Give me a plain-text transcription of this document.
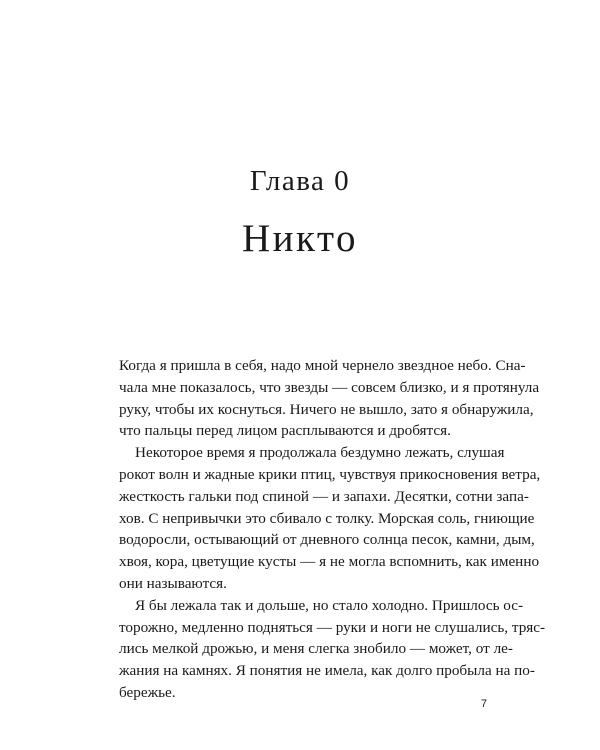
Глава 0
Никто
Когда я пришла в себя, надо мной чернело звездное небо. Сна-
чала мне показалось, что звезды — совсем близко, и я протянула
руку, чтобы их коснуться. Ничего не вышло, зато я обнаружила,
что пальцы перед лицом расплываются и дробятся.
Некоторое время я продолжала бездумно лежать, слушая
рокот волн и жадные крики птиц, чувствуя прикосновения ветра,
жесткость гальки под спиной — и запахи. Десятки, сотни запа-
хов. С непривычки это сбивало с толку. Морская соль, гниющие
водоросли, остывающий от дневного солнца песок, камни, дым,
хвоя, кора, цветущие кусты — я не могла вспомнить, как именно
они называются.
Я бы лежала так и дольше, но стало холодно. Пришлось ос-
торожно, медленно подняться — руки и ноги не слушались, тряс-
лись мелкой дрожью, и меня слегка знобило — может, от ле-
жания на камнях. Я понятия не имела, как долго пробыла на по-
бережье.

7
